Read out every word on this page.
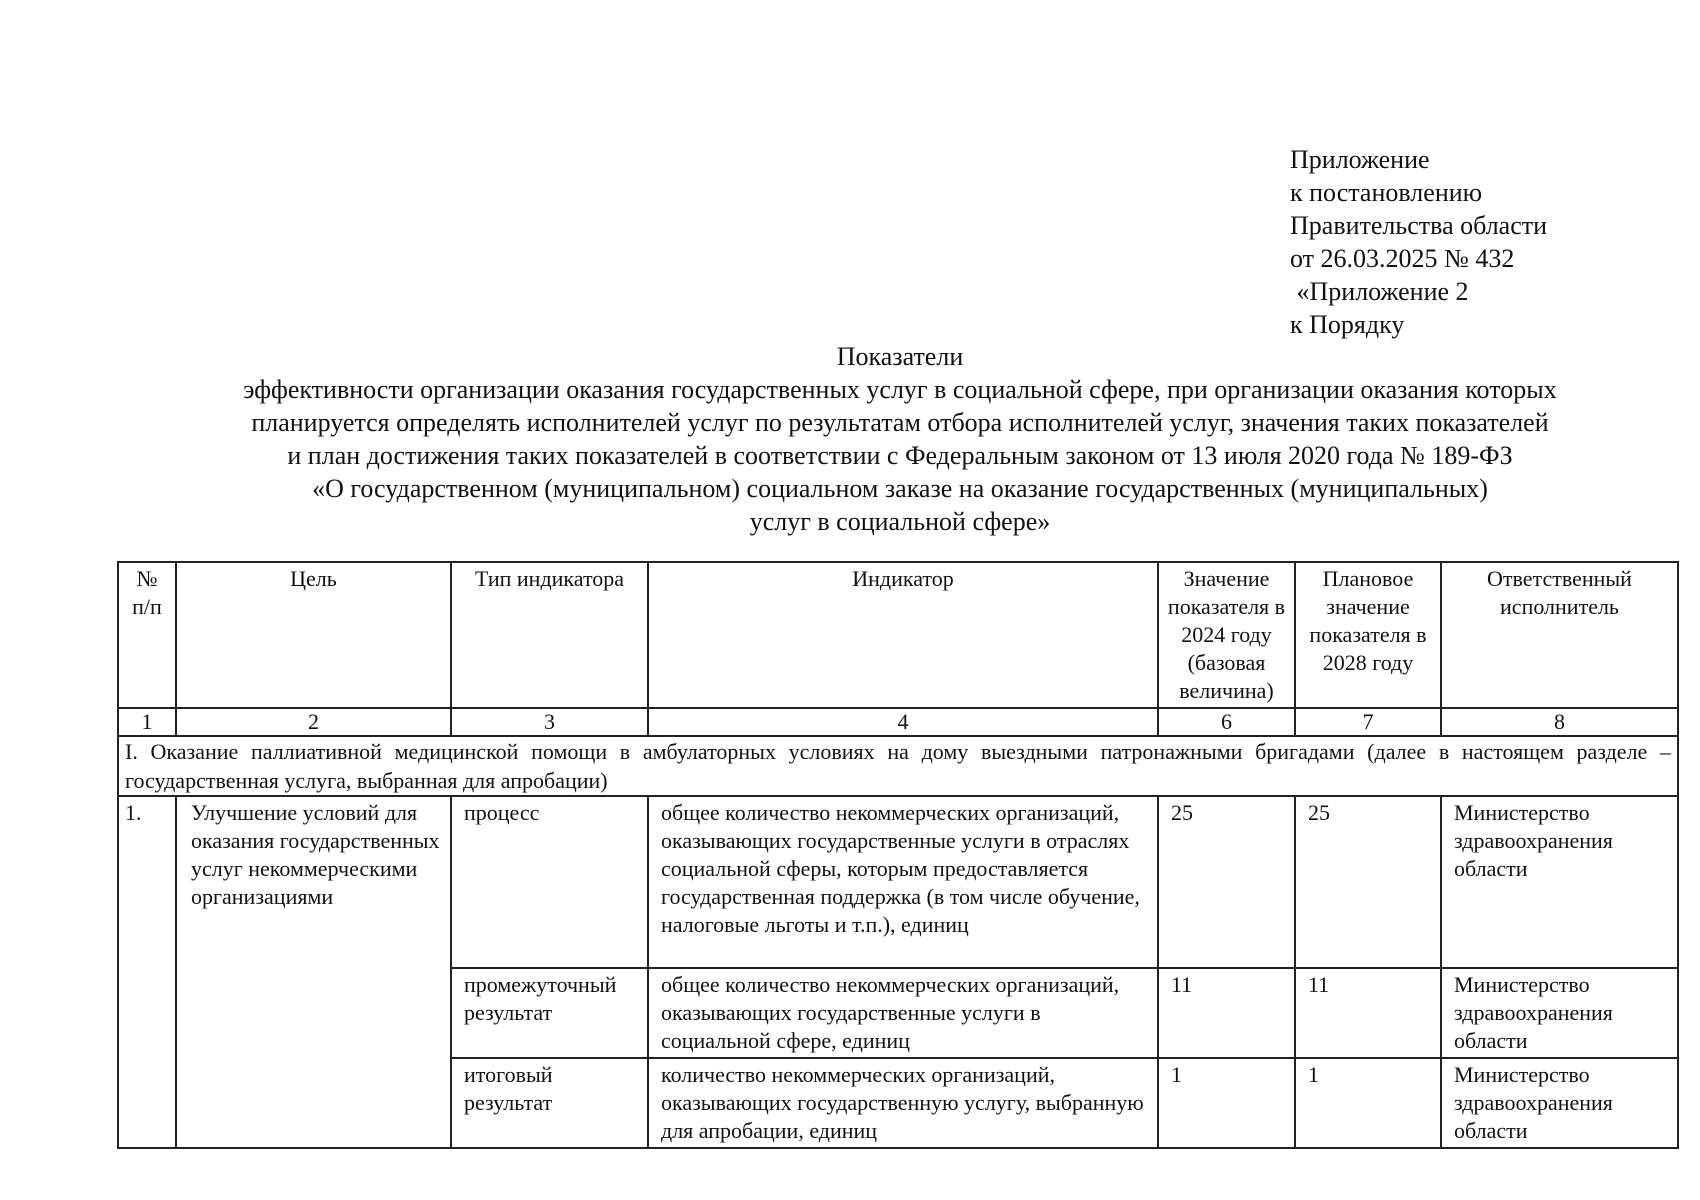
Приложение
к постановлению
Правительства области
от 26.03.2025 № 432
«Приложение 2
к Порядку
Показатели
эффективности организации оказания государственных услуг в социальной сфере, при организации оказания которых
планируется определять исполнителей услуг по результатам отбора исполнителей услуг, значения таких показателей
и план достижения таких показателей в соответствии с Федеральным законом от 13 июля 2020 года № 189-ФЗ
«О государственном (муниципальном) социальном заказе на оказание государственных (муниципальных)
услуг в социальной сфере»
№ п/п	Цель	Тип индикатора	Индикатор	Значение показателя в 2024 году (базовая величина)	Плановое значение показателя в 2028 году	Ответственный исполнитель
1	2	3	4	6	7	8
I. Оказание паллиативной медицинской помощи в амбулаторных условиях на дому выездными патронажными бригадами (далее в настоящем разделе – государственная услуга, выбранная для апробации)						
1.	Улучшение условий для оказания государственных услуг некоммерческими организациями	процесс	общее количество некоммерческих организаций, оказывающих государственные услуги в отраслях социальной сферы, которым предоставляется государственная поддержка (в том числе обучение, налоговые льготы и т.п.), единиц	25	25	Министерство здравоохранения области
		промежуточный результат	общее количество некоммерческих организаций, оказывающих государственные услуги в социальной сфере, единиц	11	11	Министерство здравоохранения области
		итоговый результат	количество некоммерческих организаций, оказывающих государственную услугу, выбранную для апробации, единиц	1	1	Министерство здравоохранения области
